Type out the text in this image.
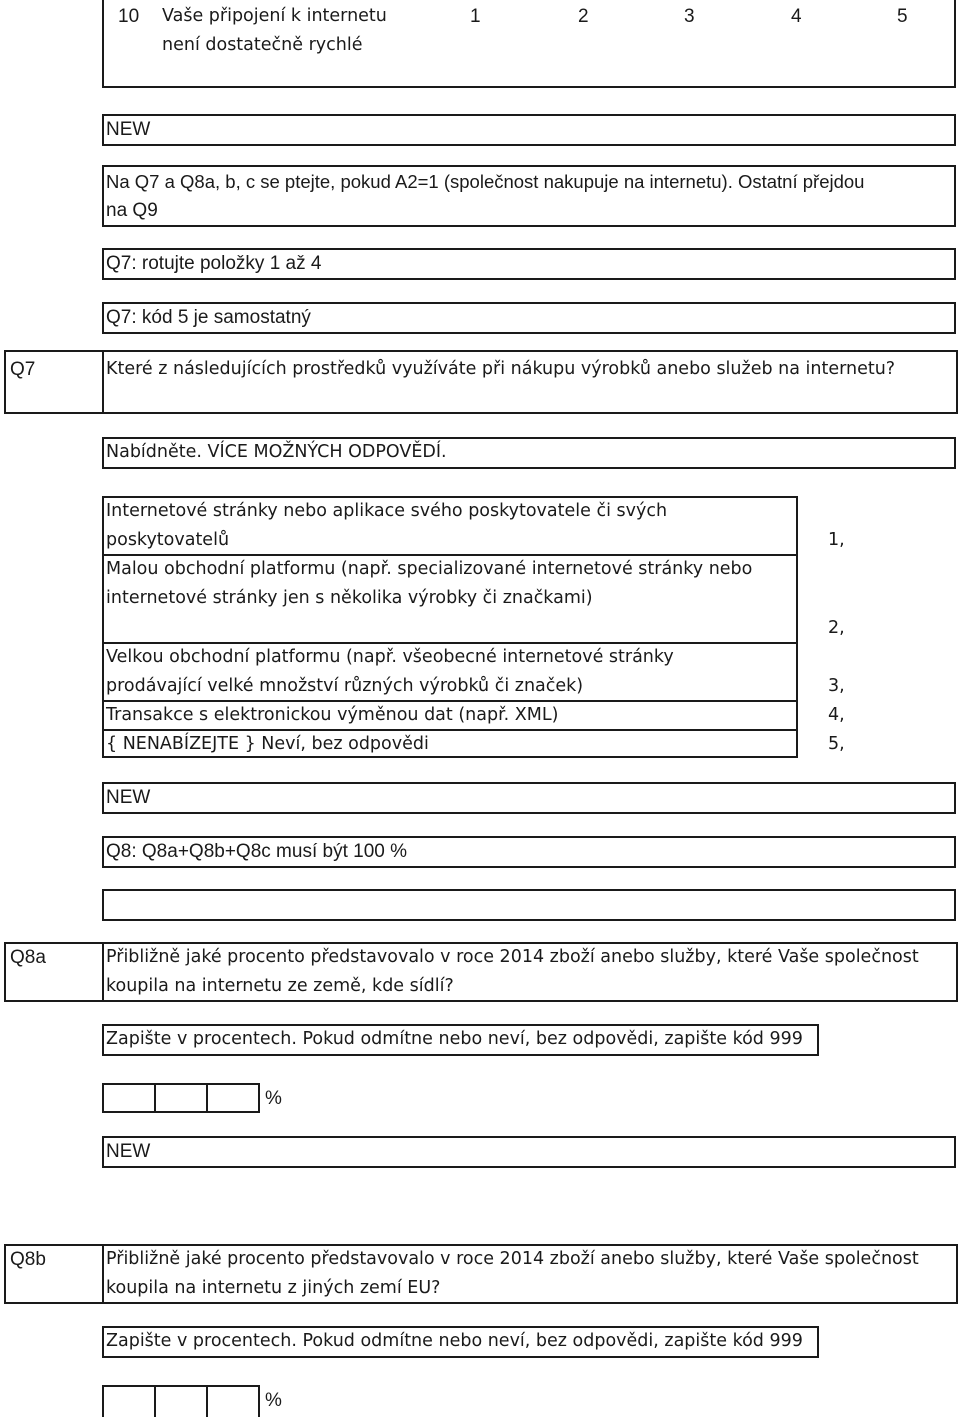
10 Vaše připojení k internetu
není dostatečně rychlé
1	2	3	4	5
NEW
Na Q7 a Q8a, b, c se ptejte, pokud A2=1 (společnost nakupuje na internetu). Ostatní přejdou
na Q9
Q7: rotujte položky 1 až 4
Q7: kód 5 je samostatný
Q7	Které z následujících prostředků využíváte při nákupu výrobků anebo služeb na internetu?
Nabídněte. VÍCE MOŽNÝCH ODPOVĚDÍ.
Internetové stránky nebo aplikace svého poskytovatele či svých
poskytovatelů	1,
Malou obchodní platformu (např. specializované internetové stránky nebo
internetové stránky jen s několika výrobky či značkami)
2,
Velkou obchodní platformu (např. všeobecné internetové stránky
prodávající velké množství různých výrobků či značek)	3,
Transakce s elektronickou výměnou dat (např. XML)	4,
{ NENABÍZEJTE } Neví, bez odpovědi	5,
NEW
Q8: Q8a+Q8b+Q8c musí být 100 %
Q8a	Přibližně jaké procento představovalo v roce 2014 zboží anebo služby, které Vaše společnost
koupila na internetu ze země, kde sídlí?
Zapište v procentech. Pokud odmítne nebo neví, bez odpovědi, zapište kód 999
%
NEW
Q8b	Přibližně jaké procento představovalo v roce 2014 zboží anebo služby, které Vaše společnost
koupila na internetu z jiných zemí EU?
Zapište v procentech. Pokud odmítne nebo neví, bez odpovědi, zapište kód 999
%
